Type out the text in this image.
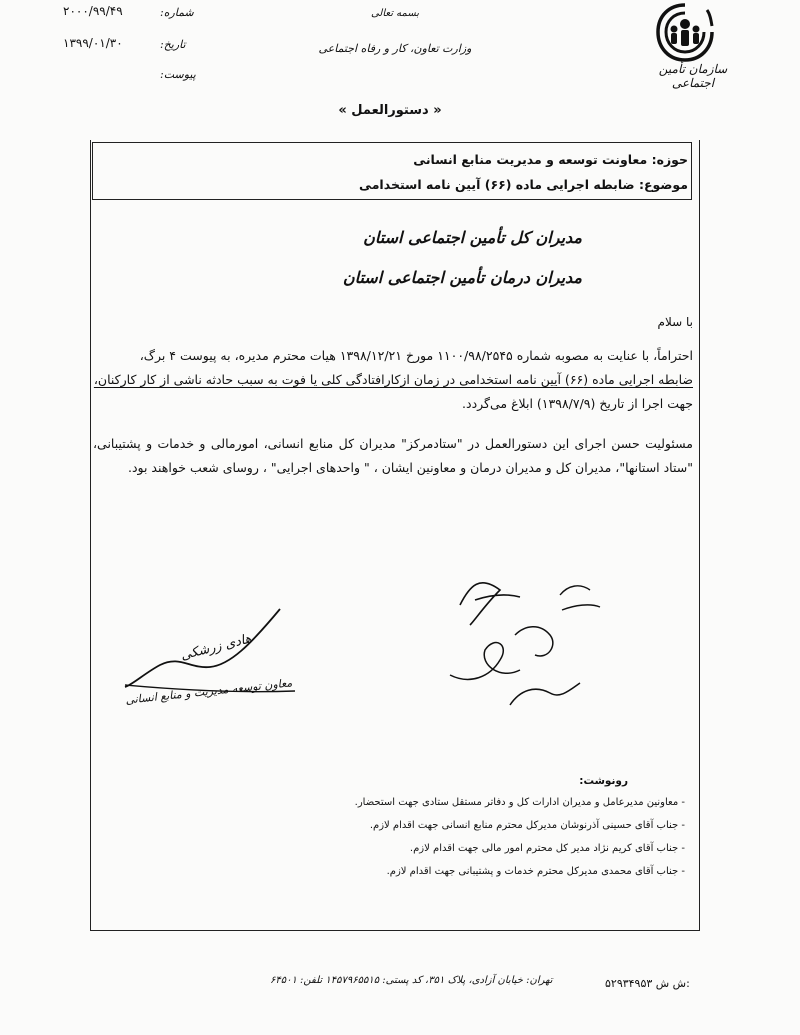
سازمان تأمین اجتماعی
بسمه تعالی
وزارت تعاون، کار و رفاه اجتماعی
شماره:
۲۰۰۰/۹۹/۴۹
تاریخ:
۱۳۹۹/۰۱/۳۰
پیوست:
« دستورالعمل »
حوزه: معاونت توسعه و مدیریت منابع انسانی
موضوع: ضابطه اجرایی ماده (۶۶) آیین نامه استخدامی
مدیران کل تأمین اجتماعی استان
مدیران درمان تأمین اجتماعی استان
با سلام

احتراماً، با عنایت به مصوبه شماره ۱۱۰۰/۹۸/۲۵۴۵ مورخ ۱۳۹۸/۱۲/۲۱ هیات محترم مدیره، به پیوست ۴ برگ،

ضابطه اجرایی ماده (۶۶) آیین نامه استخدامی در زمان ازکارافتادگی کلی یا فوت به سبب حادثه ناشی از کار کارکنان،

جهت اجرا از تاریخ (۱۳۹۸/۷/۹) ابلاغ می‌گردد.

مسئولیت حسن اجرای این دستورالعمل در "ستادمرکز" مدیران کل منابع انسانی، امورمالی و خدمات و پشتیبانی، "ستاد استانها"، مدیران کل و مدیران درمان و معاونین ایشان ، " واحدهای اجرایی" ، روسای شعب خواهند بود.

هادی زرشکی
معاون توسعه مدیریت و منابع انسانی
رونوشت:
- معاونین مدیرعامل و مدیران ادارات کل و دفاتر مستقل ستادی جهت استحضار.
- جناب آقای حسینی آذرنوشان مدیرکل محترم منابع انسانی جهت اقدام لازم.
- جناب آقای کریم نژاد مدیر کل محترم امور مالی جهت اقدام لازم.
- جناب آقای محمدی مدیرکل محترم خدمات و پشتیبانی جهت اقدام لازم.
تهران: خیابان آزادی، پلاک ۳۵۱، کد پستی: ۱۴۵۷۹۶۵۵۱۵ تلفن: ۶۴۵۰۱	ش ش ۵۲۹۳۴۹۵۳:
